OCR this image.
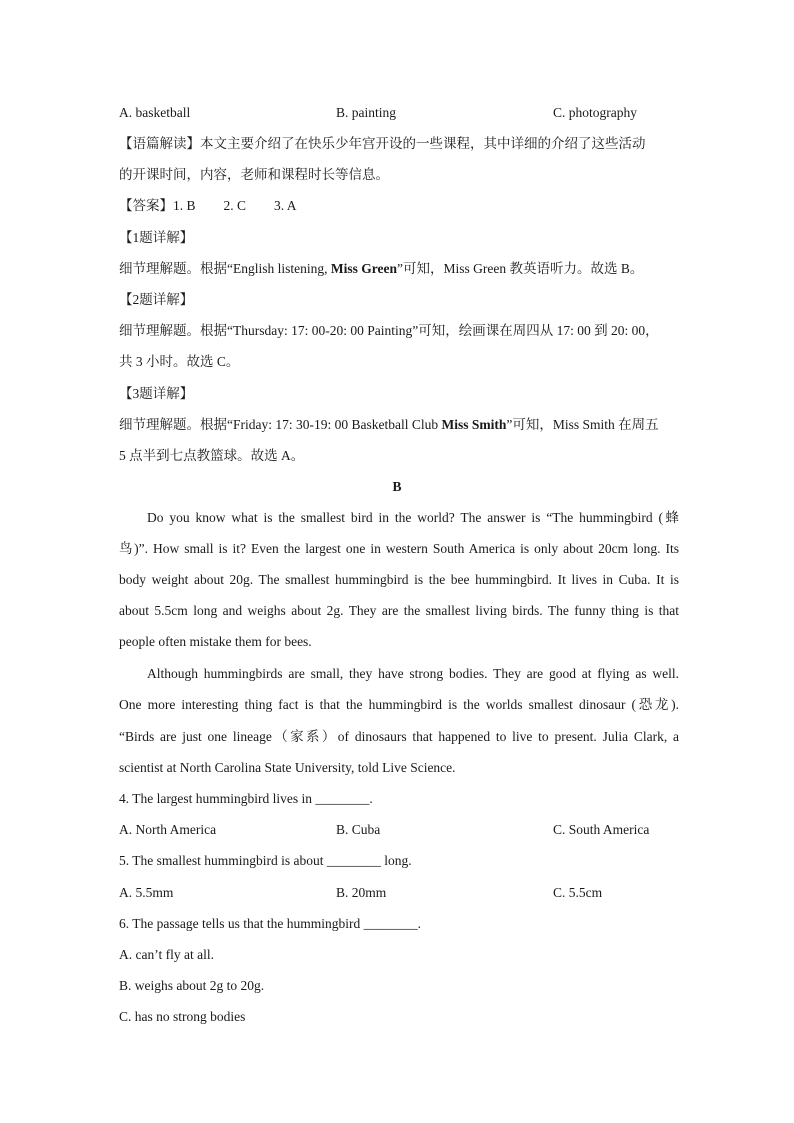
A. basketball	B. painting	C. photography
【语篇解读】本文主要介绍了在快乐少年宫开设的一些课程，其中详细的介绍了这些活动
的开课时间，内容，老师和课程时长等信息。
【答案】1. B 2. C 3. A
【1题详解】
细节理解题。根据“English listening, Miss Green”可知，Miss Green 教英语听力。故选 B。
【2题详解】
细节理解题。根据“Thursday: 17: 00-20: 00 Painting”可知，绘画课在周四从 17: 00 到 20: 00，
共 3 小时。故选 C。
【3题详解】
细节理解题。根据“Friday: 17: 30-19: 00 Basketball Club Miss Smith”可知，Miss Smith 在周五
5 点半到七点教篮球。故选 A。
B
Do you know what is the smallest bird in the world? The answer is “The hummingbird (蜂
鸟)”. How small is it? Even the largest one in western South America is only about 20cm long. Its
body weight about 20g. The smallest hummingbird is the bee hummingbird. It lives in Cuba. It is
about 5.5cm long and weighs about 2g. They are the smallest living birds. The funny thing is that
people often mistake them for bees.
Although hummingbirds are small, they have strong bodies. They are good at flying as well.
One more interesting thing fact is that the hummingbird is the worlds smallest dinosaur (恐龙).
“Birds are just one lineage（家系）of dinosaurs that happened to live to present. Julia Clark, a
scientist at North Carolina State University, told Live Science.
4. The largest hummingbird lives in ________.
A. North America	B. Cuba	C. South America
5. The smallest hummingbird is about ________ long.
A. 5.5mm	B. 20mm	C. 5.5cm
6. The passage tells us that the hummingbird ________.
A. can’t fly at all.
B. weighs about 2g to 20g.
C. has no strong bodies
